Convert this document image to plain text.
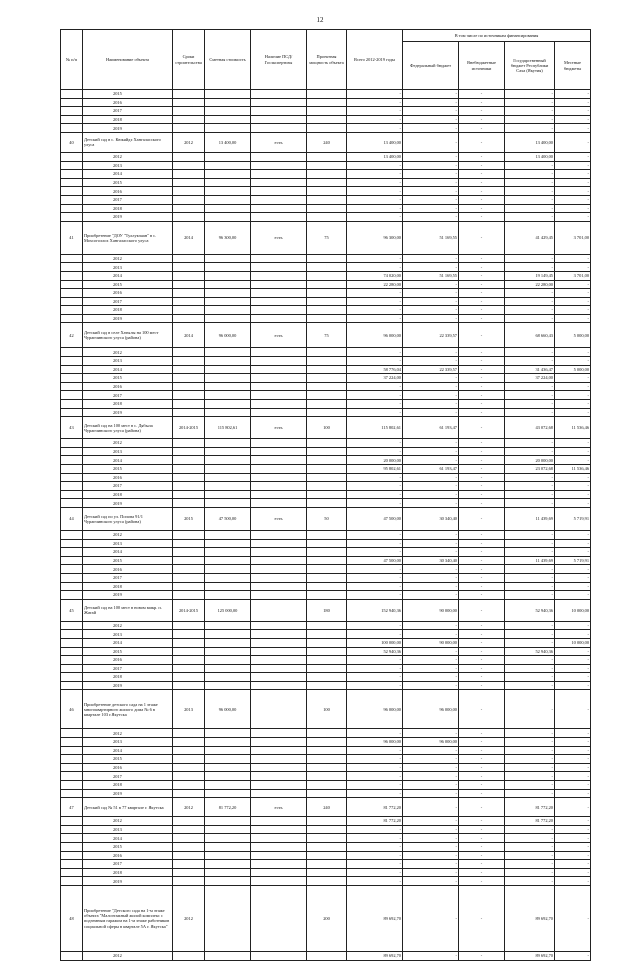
12
№ п/п	Наименование объекта	Сроки строительства	Сметная стоимость	Наличие ПСД/ Госэкспертизы	Проектная мощность объекта	Всего 2012-2019 годы	В том числе по источникам финансирования			
							Федеральный бюджет	Внебюджетные источники	Государственный бюджет Республики Саха (Якутия)	Местные бюджеты
	2015					-	-	-	-	-
	2016					-	-	-	-	-
	2017					-	-	-	-	-
	2018					-	-	-	-	-
	2019					-	-	-	-	-
40	Детский сад в с. Кюкяйдэ Хангаласского улуса	2012	13 400,00	есть	240	13 400,00	-	-	13 400,00	-
	2012					13 400,00	-	-	13 400,00	-
	2013					-	-	-	-	-
	2014					-	-	-	-	-
	2015					-	-	-	-	-
	2016					-	-	-	-	-
	2017					-	-	-	-	-
	2018					-	-	-	-	-
	2019					-	-	-	-	-
41	Приобретение "ДОУ "Туллукчаан" в с. Мохсоголлох Хангаласского улуса	2014	96 300,00	есть	75	96 300,00	51 169,55	-	41 429,45	3 701,00
	2012					-	-	-	-	-
	2013					-	-	-	-	-
	2014					74 020,00	51 169,55	-	19 149,45	3 701,00
	2015					22 280,00	-	-	22 280,00	-
	2016					-	-	-	-	-
	2017					-	-	-	-	-
	2018					-	-	-	-	-
	2019					-	-	-	-	-
42	Детский сад в селе Хатылы на 100 мест Чурапчинского улуса (района)	2014	96 000,00	есть	75	96 000,00	22 339,57	-	68 660,43	5 000,00
	2012					-	-	-	-	-
	2013					-	-	-	-	-
	2014					58 776,04	22 339,57	-	31 436,47	5 000,00
	2015					37 224,00	-	-	37 224,00	-
	2016					-	-	-	-	-
	2017					-	-	-	-	-
	2018					-	-	-	-	-
	2019					-	-	-	-	-
43	Детский сад на 100 мест в с. Дябыла Чурапчинского улуса (района)	2014-2015	115 802,61	есть	100	115 802,61	61 193,47	-	43 072,68	11 536,46
	2012					-	-	-	-	-
	2013					-	-	-	-	-
	2014					20 000,00	-	-	20 000,00	-
	2015					95 802,61	61 193,47	-	23 072,68	11 536,46
	2016					-	-	-	-	-
	2017					-	-	-	-	-
	2018					-	-	-	-	-
	2019					-	-	-	-	-
44	Детский сад по ул. Попова 91/1 Чурапчинского улуса (района)	2015	47 500,00	есть	50	47 500,00	30 340,40	-	11 439,69	5 719,91
	2012					-	-	-	-	-
	2013					-	-	-	-	-
	2014					-	-	-	-	-
	2015					47 500,00	30 340,40	-	11 439,69	5 719,91
	2016					-	-	-	-	-
	2017					-	-	-	-	-
	2018					-	-	-	-	-
	2019					-	-	-	-	-
45	Детский сад на 100 мест в новом микр. п. Жатай	2014-2015	125 000,00		180	152 940,36	90 000,00	-	52 940,36	10 000,00
	2012					-	-	-	-	-
	2013					-	-	-	-	-
	2014					100 000,00	90 000,00	-	-	10 000,00
	2015					52 940,36	-	-	52 940,36	-
	2016					-	-	-	-	-
	2017					-	-	-	-	-
	2018					-	-	-	-	-
	2019					-	-	-	-	-
46	Приобретение детского сада на 1 этаже многоквартирного жилого дома № 6 в квартале 103 г.Якутска	2013	96 000,00		100	96 000,00	96 000,00	-	-	-
	2012					-	-	-	-	-
	2013					96 000,00	96 000,00	-	-	-
	2014					-	-	-	-	-
	2015					-	-	-	-	-
	2016					-	-	-	-	-
	2017					-	-	-	-	-
	2018					-	-	-	-	-
	2019					-	-	-	-	-
47	Детский сад № 51 в 77 квартале г. Якутска	2012	81 772,20	есть	240	81 772,20	-	-	81 772,20	-
	2012					81 772,20	-	-	81 772,20	-
	2013					-	-	-	-	-
	2014					-	-	-	-	-
	2015					-	-	-	-	-
	2016					-	-	-	-	-
	2017					-	-	-	-	-
	2018					-	-	-	-	-
	2019					-	-	-	-	-
48	Приобретение "Детского сада на 1-м этаже объекта "Малоэтажный жилой комплекс с подземным гаражом на 1-м этаже работников социальной сферы в квартале 5А г. Якутска"	2012			200	89 692,70	-	-	89 692,70	-
	2012					89 692,70	-	-	89 692,70	-
